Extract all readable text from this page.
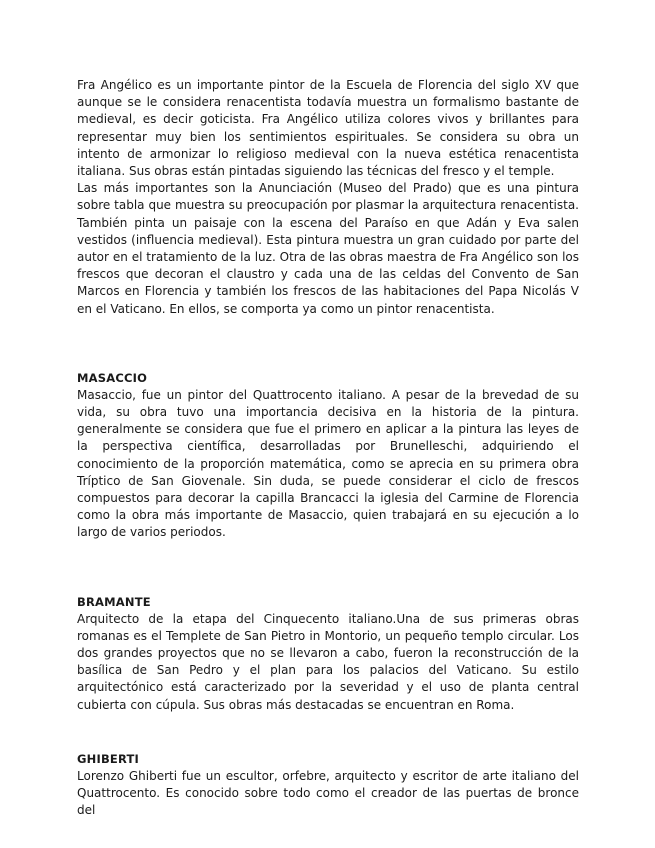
Fra Angélico es un importante pintor de la Escuela de Florencia del siglo XV que aunque se le considera renacentista todavía muestra un formalismo bastante de medieval, es decir goticista. Fra Angélico utiliza colores vivos y brillantes para representar muy bien los sentimientos espirituales. Se considera su obra un intento de armonizar lo religioso medieval con la nueva estética renacentista italiana. Sus obras están pintadas siguiendo las técnicas del fresco y el temple.

Las más importantes son la Anunciación (Museo del Prado) que es una pintura sobre tabla que muestra su preocupación por plasmar la arquitectura renacentista. También pinta un paisaje con la escena del Paraíso en que Adán y Eva salen vestidos (influencia medieval). Esta pintura muestra un gran cuidado por parte del autor en el tratamiento de la luz. Otra de las obras maestra de Fra Angélico son los frescos que decoran el claustro y cada una de las celdas del Convento de San Marcos en Florencia y también los frescos de las habitaciones del Papa Nicolás V en el Vaticano. En ellos, se comporta ya como un pintor renacentista.

MASACCIO

Masaccio, fue un pintor del Quattrocento italiano. A pesar de la brevedad de su vida, su obra tuvo una importancia decisiva en la historia de la pintura. generalmente se considera que fue el primero en aplicar a la pintura las leyes de la perspectiva científica, desarrolladas por Brunelleschi, adquiriendo el conocimiento de la proporción matemática, como se aprecia en su primera obra Tríptico de San Giovenale. Sin duda, se puede considerar el ciclo de frescos compuestos para decorar la capilla Brancacci la iglesia del Carmine de Florencia como la obra más importante de Masaccio, quien trabajará en su ejecución a lo largo de varios periodos.

BRAMANTE

Arquitecto de la etapa del Cinquecento italiano.Una de sus primeras obras romanas es el Templete de San Pietro in Montorio, un pequeño templo circular. Los dos grandes proyectos que no se llevaron a cabo, fueron la reconstrucción de la basílica de San Pedro y el plan para los palacios del Vaticano. Su estilo arquitectónico está caracterizado por la severidad y el uso de planta central cubierta con cúpula. Sus obras más destacadas se encuentran en Roma.

GHIBERTI

Lorenzo Ghiberti fue un escultor, orfebre, arquitecto y escritor de arte italiano del Quattrocento. Es conocido sobre todo como el creador de las puertas de bronce del
